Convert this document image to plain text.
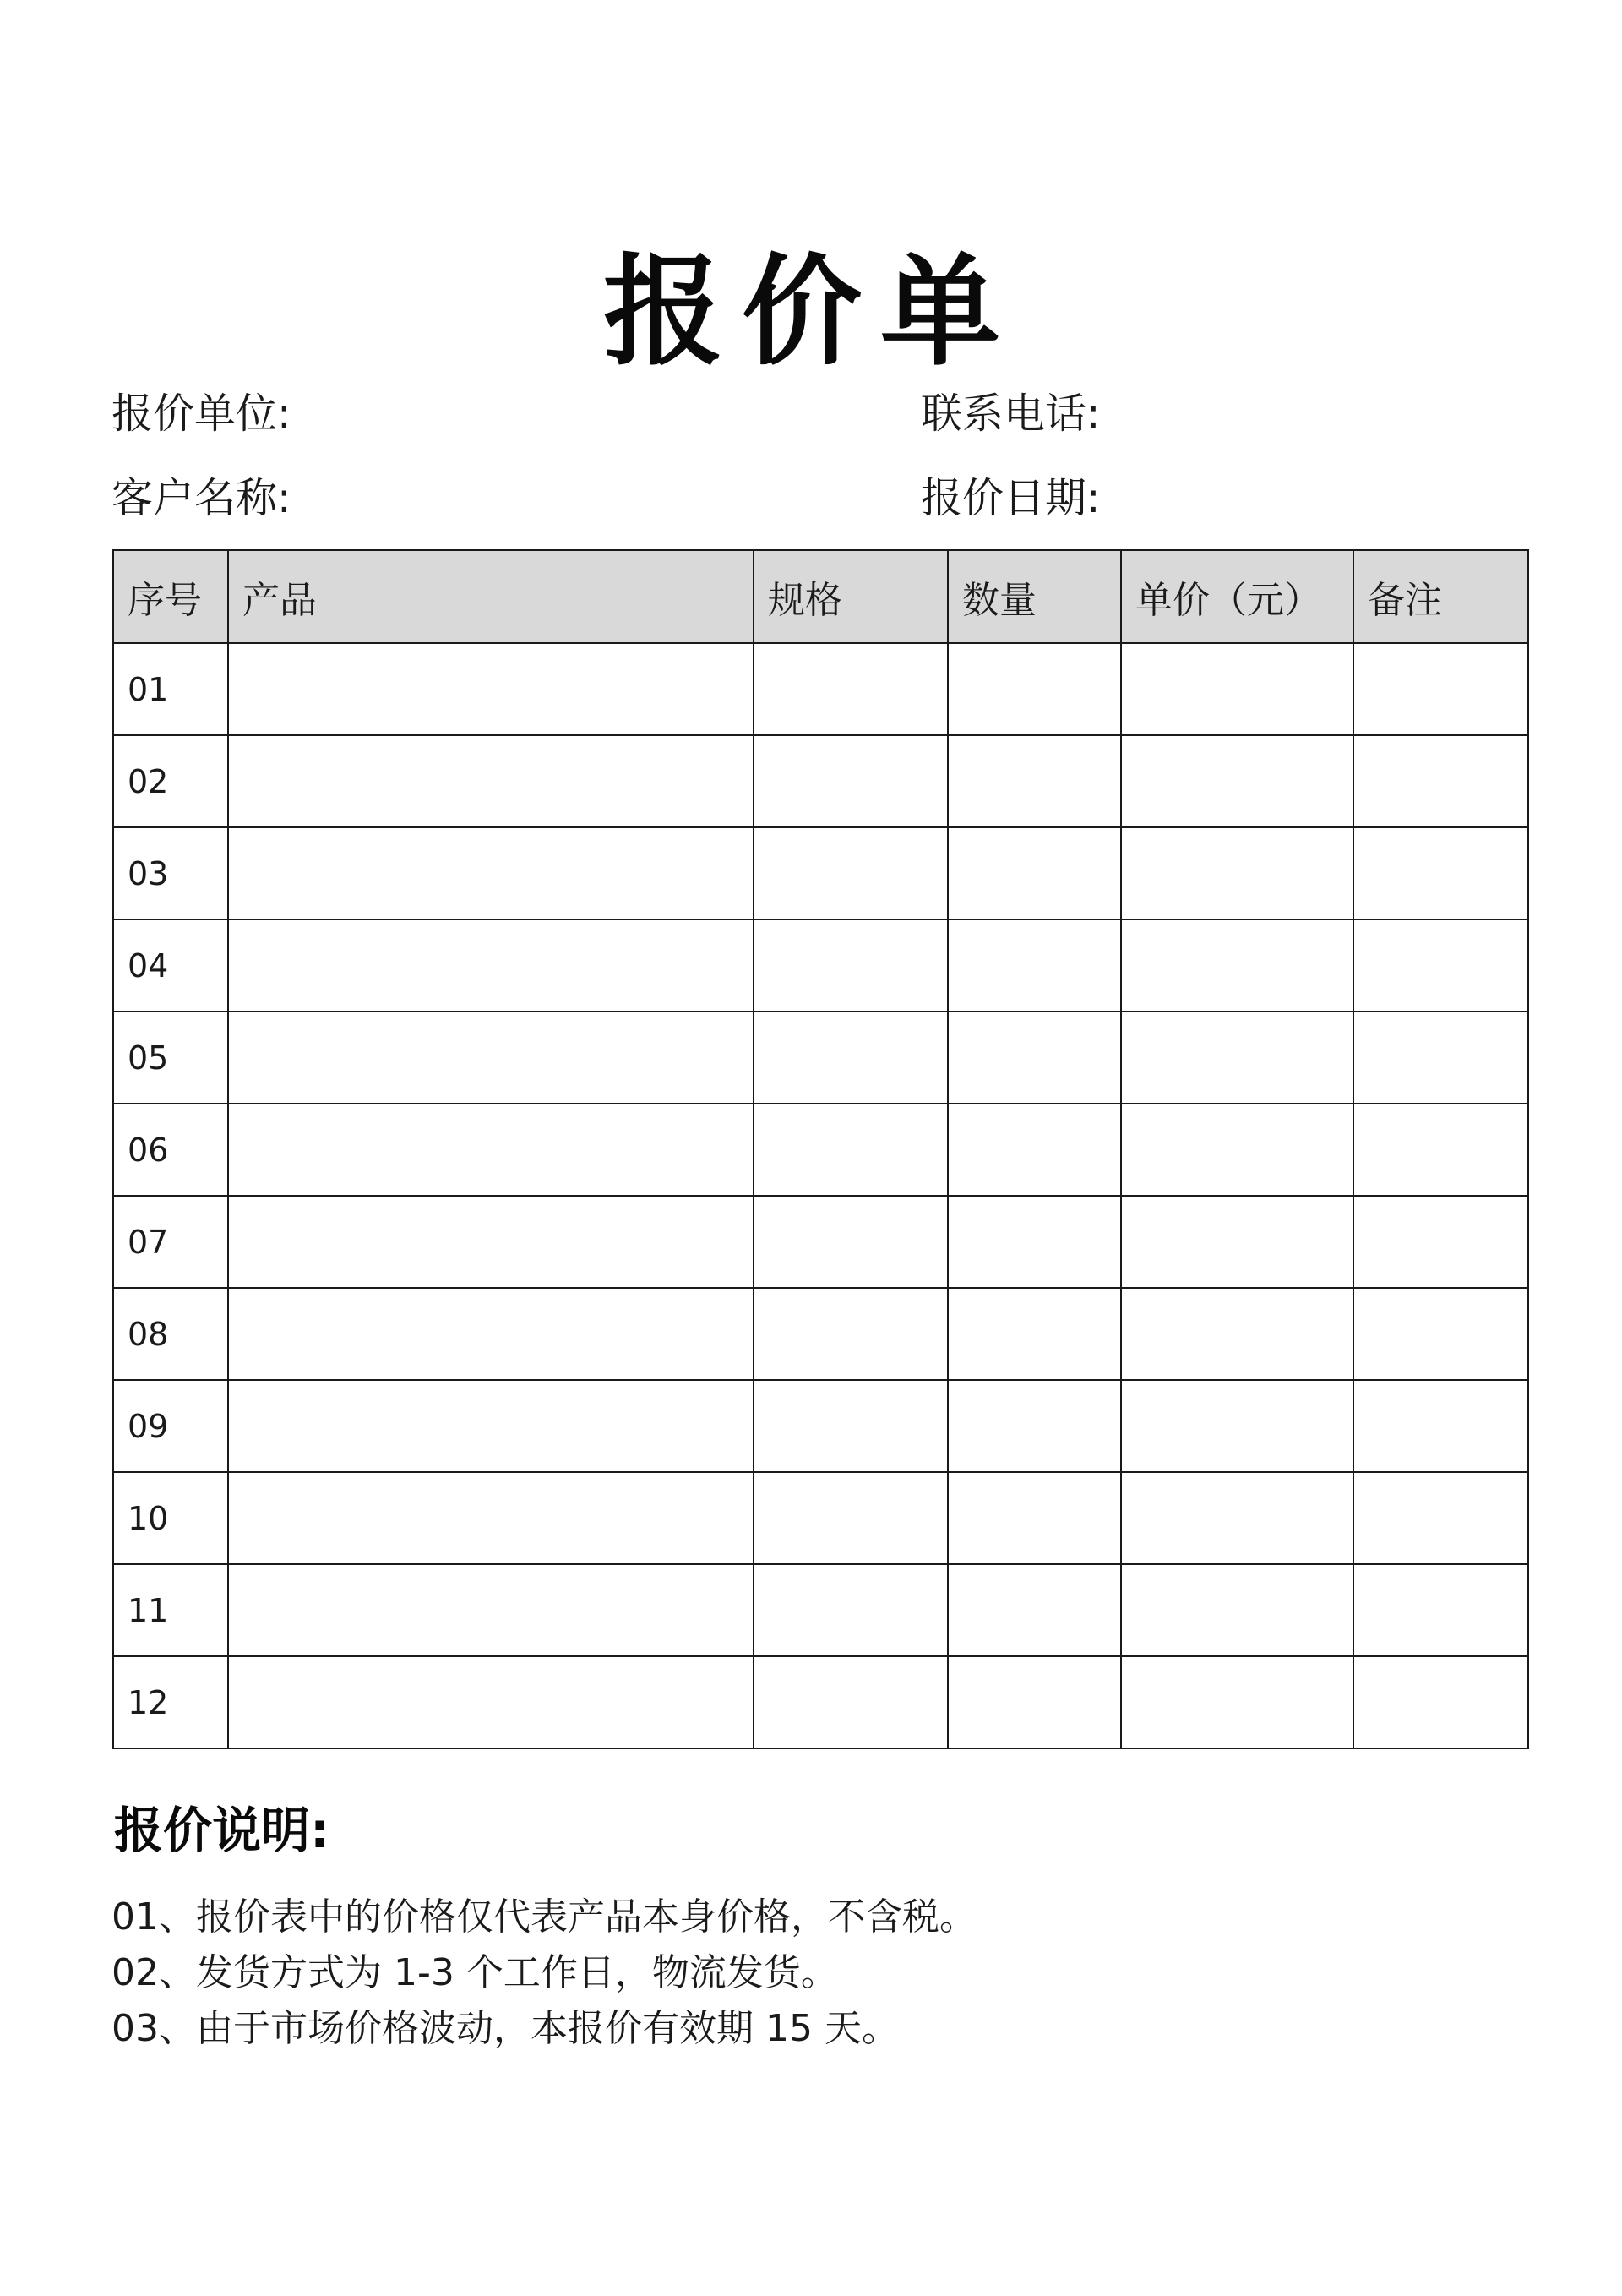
报价单
报价单位:	联系电话:
客户名称:	报价日期:
序号	产品	规格	数量	单价（元）	备注
01					
02					
03					
04					
05					
06					
07					
08					
09					
10					
11					
12					
报价说明:
01、报价表中的价格仅代表产品本身价格，不含税。
02、发货方式为 1-3 个工作日，物流发货。
03、由于市场价格波动，本报价有效期 15 天。
